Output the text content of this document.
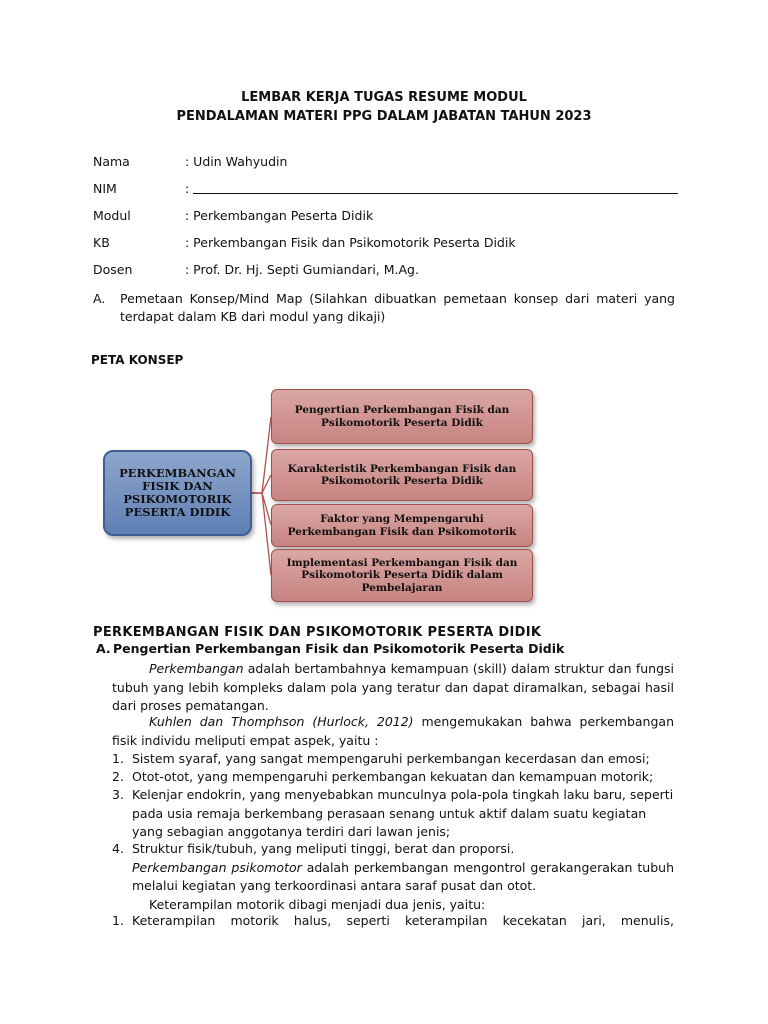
LEMBAR KERJA TUGAS RESUME MODUL
PENDALAMAN MATERI PPG DALAM JABATAN TAHUN 2023
Nama	: Udin Wahyudin
NIM	:
Modul	: Perkembangan Peserta Didik
KB	: Perkembangan Fisik dan Psikomotorik Peserta Didik
Dosen	: Prof. Dr. Hj. Septi Gumiandari, M.Ag.
A. Pemetaan Konsep/Mind Map (Silahkan dibuatkan pemetaan konsep dari materi yang terdapat dalam KB dari modul yang dikaji)
PETA KONSEP
PERKEMBANGAN FISIK DAN PSIKOMOTORIK PESERTA DIDIK
Pengertian Perkembangan Fisik dan Psikomotorik Peserta Didik
Karakteristik Perkembangan Fisik dan Psikomotorik Peserta Didik
Faktor yang Mempengaruhi Perkembangan Fisik dan Psikomotorik
Implementasi Perkembangan Fisik dan Psikomotorik Peserta Didik dalam Pembelajaran
PERKEMBANGAN FISIK DAN PSIKOMOTORIK PESERTA DIDIK
A. Pengertian Perkembangan Fisik dan Psikomotorik Peserta Didik
Perkembangan adalah bertambahnya kemampuan (skill) dalam struktur dan fungsi tubuh yang lebih kompleks dalam pola yang teratur dan dapat diramalkan, sebagai hasil dari proses pematangan.
Kuhlen dan Thomphson (Hurlock, 2012) mengemukakan bahwa perkembangan fisik individu meliputi empat aspek, yaitu :
1. Sistem syaraf, yang sangat mempengaruhi perkembangan kecerdasan dan emosi;
2. Otot-otot, yang mempengaruhi perkembangan kekuatan dan kemampuan motorik;
3. Kelenjar endokrin, yang menyebabkan munculnya pola-pola tingkah laku baru, seperti pada usia remaja berkembang perasaan senang untuk aktif dalam suatu kegiatan yang sebagian anggotanya terdiri dari lawan jenis;
4. Struktur fisik/tubuh, yang meliputi tinggi, berat dan proporsi.
Perkembangan psikomotor adalah perkembangan mengontrol gerakangerakan tubuh melalui kegiatan yang terkoordinasi antara saraf pusat dan otot.
Keterampilan motorik dibagi menjadi dua jenis, yaitu:
1. Keterampilan motorik halus, seperti keterampilan kecekatan jari, menulis,
